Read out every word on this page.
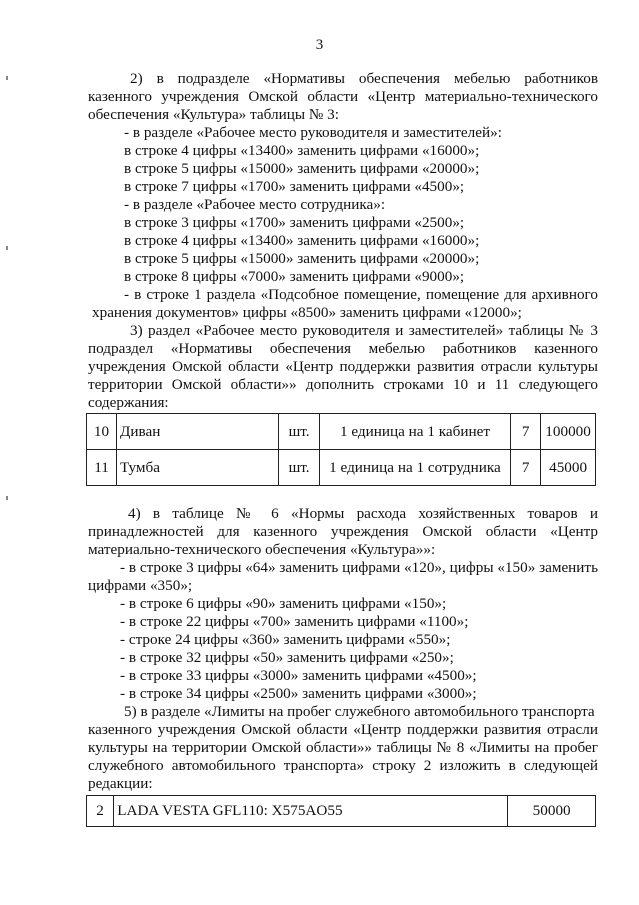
3
2) в подразделе «Нормативы обеспечения мебелью работников
казенного учреждения Омской области «Центр материально-технического
обеспечения «Культура» таблицы № 3:
- в разделе «Рабочее место руководителя и заместителей»:
в строке 4 цифры «13400» заменить цифрами «16000»;
в строке 5 цифры «15000» заменить цифрами «20000»;
в строке 7 цифры «1700» заменить цифрами «4500»;
- в разделе «Рабочее место сотрудника»:
в строке 3 цифры «1700» заменить цифрами «2500»;
в строке 4 цифры «13400» заменить цифрами «16000»;
в строке 5 цифры «15000» заменить цифрами «20000»;
в строке 8 цифры «7000» заменить цифрами «9000»;
- в строке 1 раздела «Подсобное помещение, помещение для архивного
хранения документов» цифры «8500» заменить цифрами «12000»;
3) раздел «Рабочее место руководителя и заместителей» таблицы № 3
подраздел «Нормативы обеспечения мебелью работников казенного
учреждения Омской области «Центр поддержки развития отрасли культуры
территории Омской области»» дополнить строками 10 и 11 следующего
содержания:
10	Диван	шт.	1 единица на 1 кабинет	7	100000
11	Тумба	шт.	1 единица на 1 сотрудника	7	45000
4) в таблице № 6 «Нормы расхода хозяйственных товаров и
принадлежностей для казенного учреждения Омской области «Центр
материально-технического обеспечения «Культура»»:
- в строке 3 цифры «64» заменить цифрами «120», цифры «150» заменить
цифрами «350»;
- в строке 6 цифры «90» заменить цифрами «150»;
- в строке 22 цифры «700» заменить цифрами «1100»;
- строке 24 цифры «360» заменить цифрами «550»;
- в строке 32 цифры «50» заменить цифрами «250»;
- в строке 33 цифры «3000» заменить цифрами «4500»;
- в строке 34 цифры «2500» заменить цифрами «3000»;
5) в разделе «Лимиты на пробег служебного автомобильного транспорта
казенного учреждения Омской области «Центр поддержки развития отрасли
культуры на территории Омской области»» таблицы № 8 «Лимиты на пробег
служебного автомобильного транспорта» строку 2 изложить в следующей
редакции:
2	LADA VESTA GFL110: X575AO55	50000
